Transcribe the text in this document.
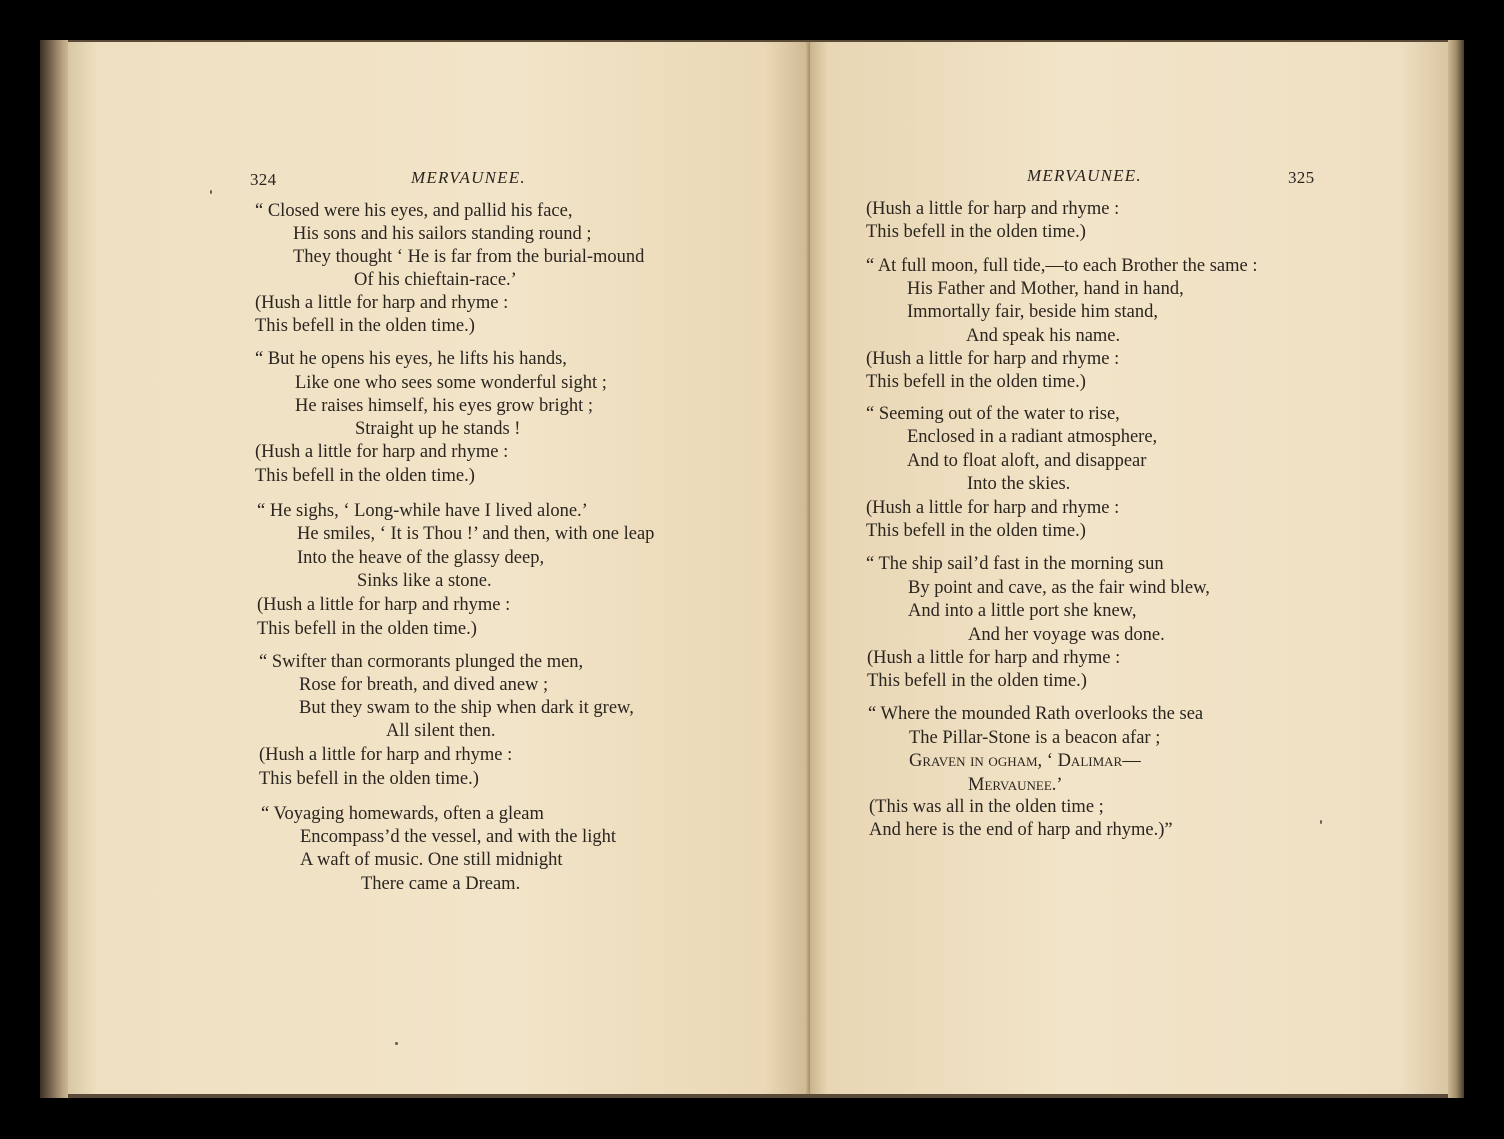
324	MERVAUNEE.
“ Closed were his eyes, and pallid his face,
His sons and his sailors standing round ;
They thought ‘ He is far from the burial-mound
Of his chieftain-race.’
(Hush a little for harp and rhyme :
This befell in the olden time.)
“ But he opens his eyes, he lifts his hands,
Like one who sees some wonderful sight ;
He raises himself, his eyes grow bright ;
Straight up he stands !
(Hush a little for harp and rhyme :
This befell in the olden time.)
“ He sighs, ‘ Long-while have I lived alone.’
He smiles, ‘ It is Thou !’ and then, with one leap
Into the heave of the glassy deep,
Sinks like a stone.
(Hush a little for harp and rhyme :
This befell in the olden time.)
“ Swifter than cormorants plunged the men,
Rose for breath, and dived anew ;
But they swam to the ship when dark it grew,
All silent then.
(Hush a little for harp and rhyme :
This befell in the olden time.)
“ Voyaging homewards, often a gleam
Encompass’d the vessel, and with the light
A waft of music. One still midnight
There came a Dream.
MERVAUNEE.	325
(Hush a little for harp and rhyme :
This befell in the olden time.)
“ At full moon, full tide,—to each Brother the same :
His Father and Mother, hand in hand,
Immortally fair, beside him stand,
And speak his name.
(Hush a little for harp and rhyme :
This befell in the olden time.)
“ Seeming out of the water to rise,
Enclosed in a radiant atmosphere,
And to float aloft, and disappear
Into the skies.
(Hush a little for harp and rhyme :
This befell in the olden time.)
“ The ship sail’d fast in the morning sun
By point and cave, as the fair wind blew,
And into a little port she knew,
And her voyage was done.
(Hush a little for harp and rhyme :
This befell in the olden time.)
“ Where the mounded Rath overlooks the sea
The Pillar-Stone is a beacon afar ;
Graven in ogham, ‘ Dalimar—
Mervaunee.’
(This was all in the olden time ;
And here is the end of harp and rhyme.)”
